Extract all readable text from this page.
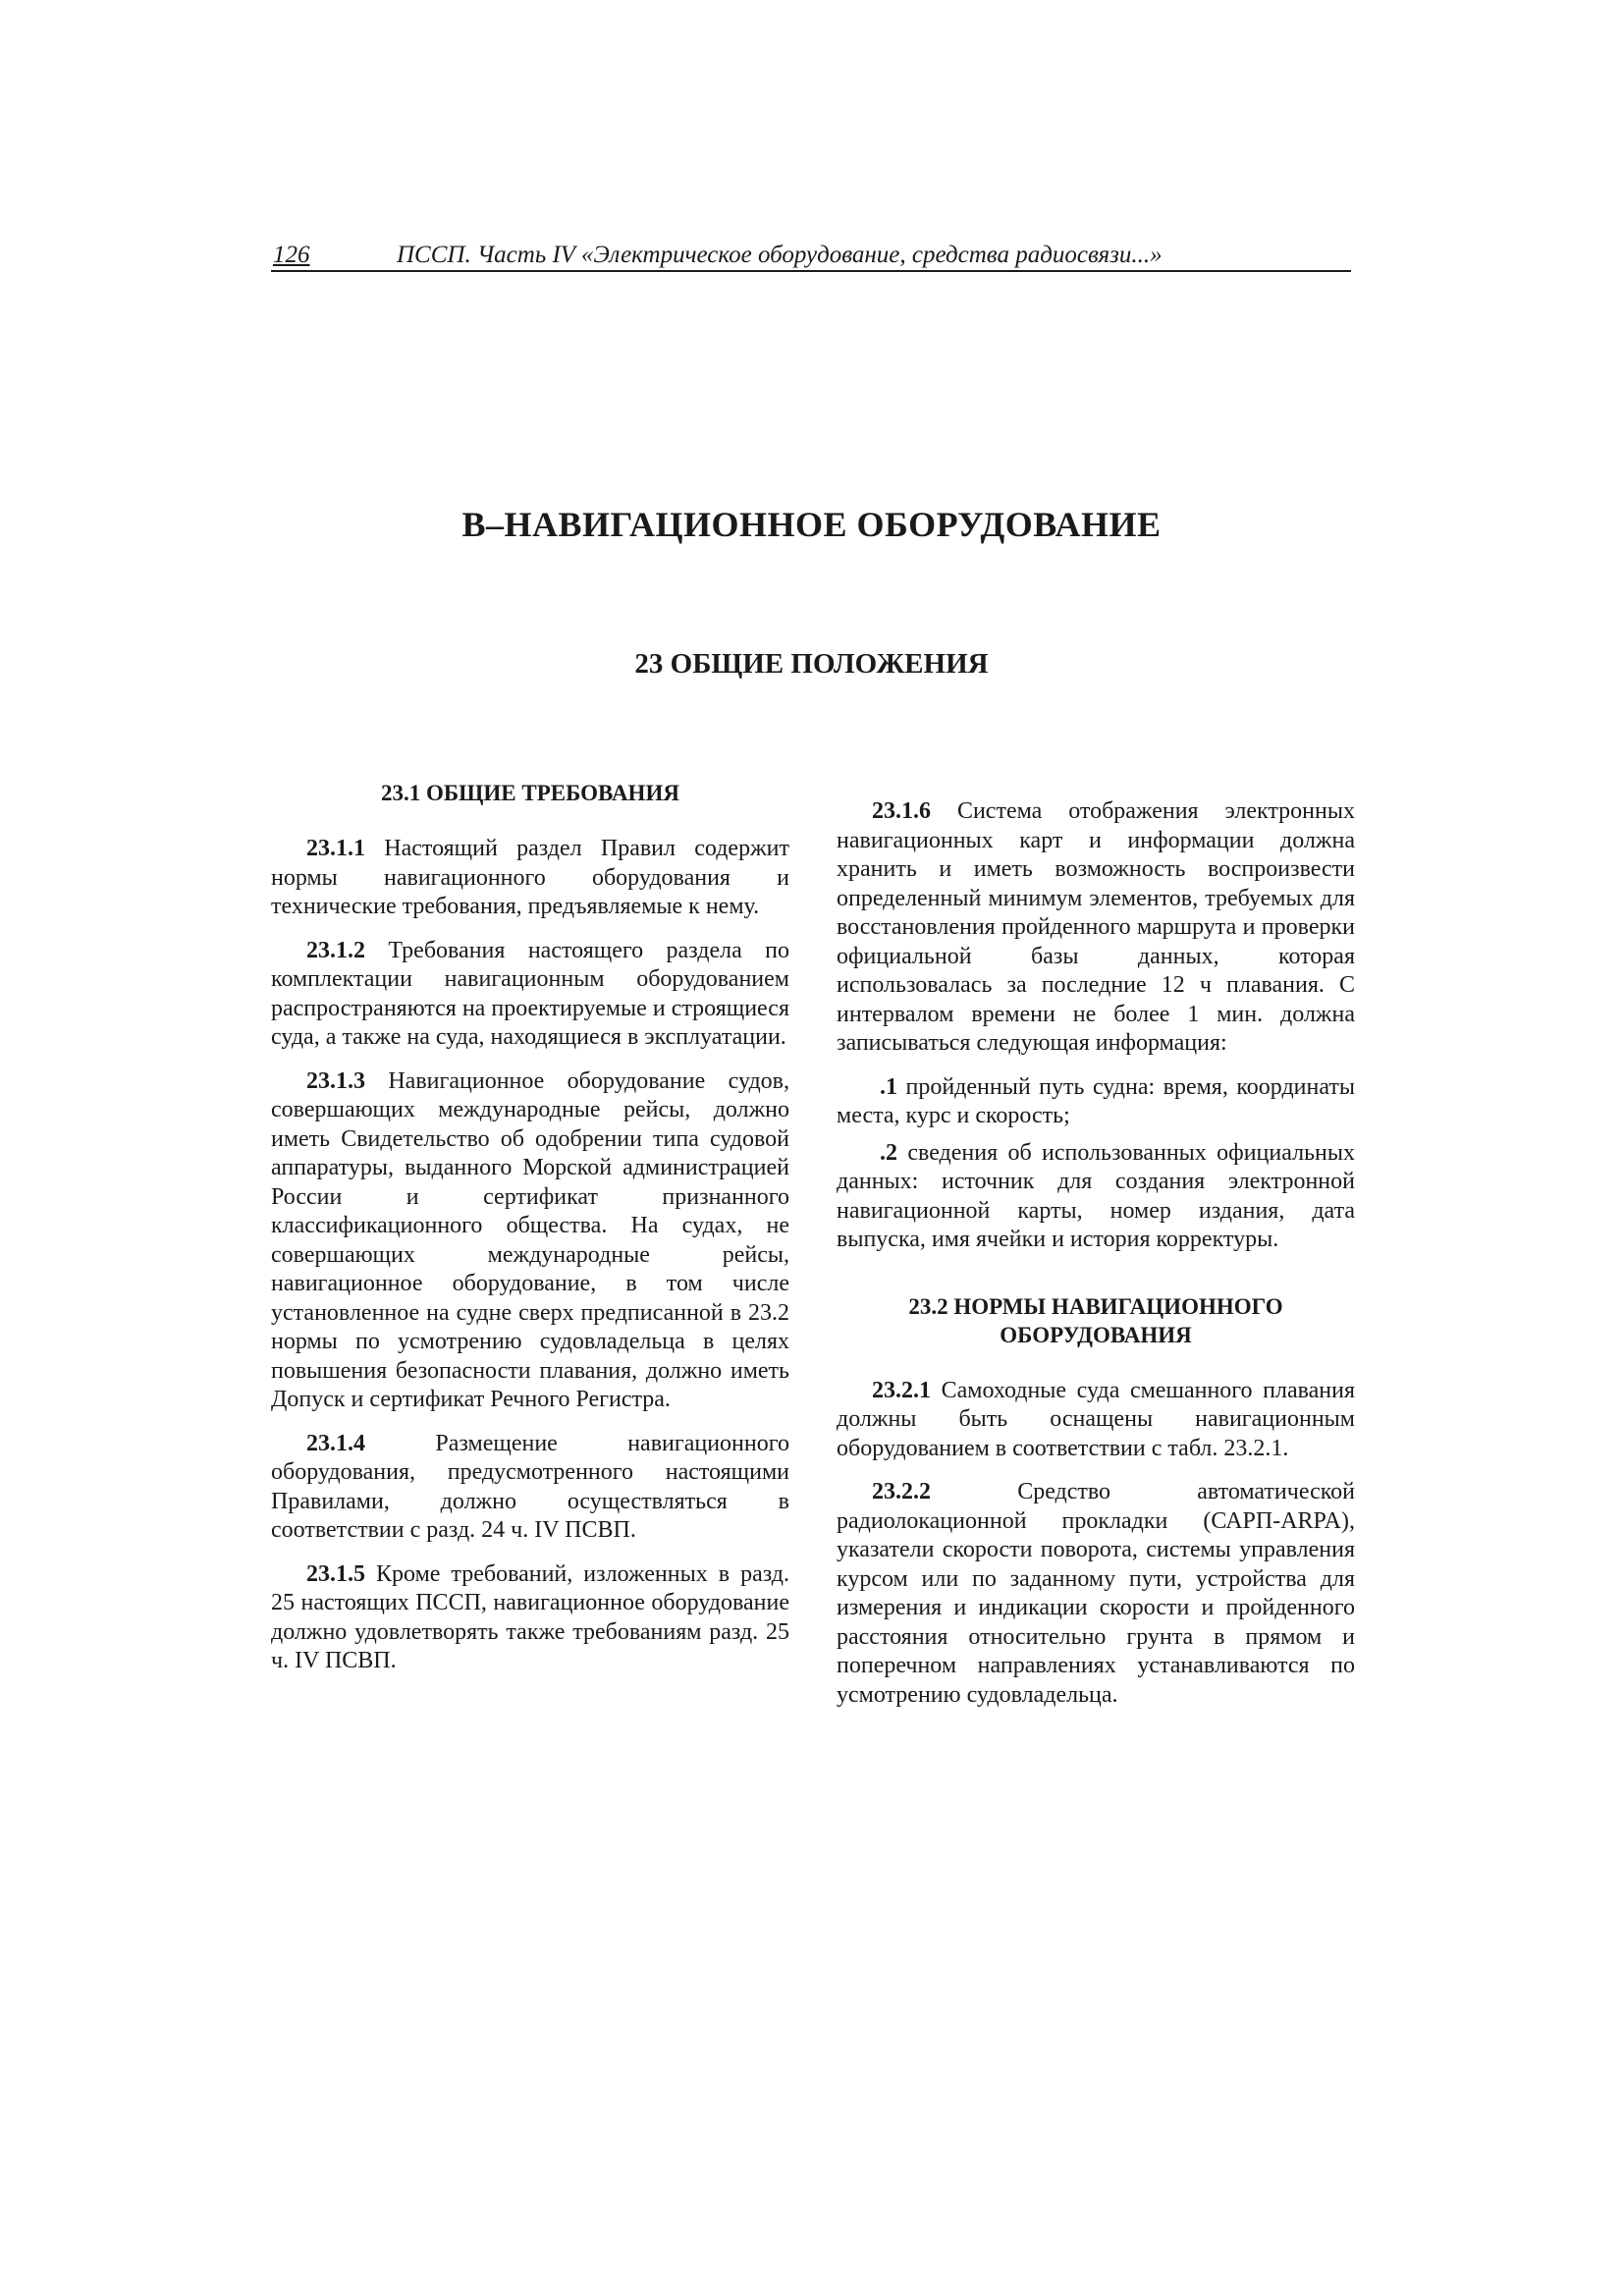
126	ПССП. Часть IV «Электрическое оборудование, средства радиосвязи...»
В–НАВИГАЦИОННОЕ ОБОРУДОВАНИЕ
23 ОБЩИЕ ПОЛОЖЕНИЯ
23.1 ОБЩИЕ ТРЕБОВАНИЯ

23.1.1 Настоящий раздел Правил содержит нормы навигационного оборудования и технические требования, предъявляемые к нему.

23.1.2 Требования настоящего раздела по комплектации навигационным оборудованием распространяются на проектируемые и строящиеся суда, а также на суда, находящиеся в эксплуатации.

23.1.3 Навигационное оборудование судов, совершающих международные рейсы, должно иметь Свидетельство об одобрении типа судовой аппаратуры, выданного Морской администрацией России и сертификат признанного классификационного общества. На судах, не совершающих международные рейсы, навигационное оборудование, в том числе установленное на судне сверх предписанной в 23.2 нормы по усмотрению судовладельца в целях повышения безопасности плавания, должно иметь Допуск и сертификат Речного Регистра.

23.1.4 Размещение навигационного оборудования, предусмотренного настоящими Правилами, должно осуществляться в соответствии с разд. 24 ч. IV ПСВП.

23.1.5 Кроме требований, изложенных в разд. 25 настоящих ПССП, навигационное оборудование должно удовлетворять также требованиям разд. 25 ч. IV ПСВП.

23.1.6 Система отображения электронных навигационных карт и информации должна хранить и иметь возможность воспроизвести определенный минимум элементов, требуемых для восстановления пройденного маршрута и проверки официальной базы данных, которая использовалась за последние 12 ч плавания. С интервалом времени не более 1 мин. должна записываться следующая информация:

.1 пройденный путь судна: время, координаты места, курс и скорость;

.2 сведения об использованных официальных данных: источник для создания электронной навигационной карты, номер издания, дата выпуска, имя ячейки и история корректуры.

23.2 НОРМЫ НАВИГАЦИОННОГО
ОБОРУДОВАНИЯ

23.2.1 Самоходные суда смешанного плавания должны быть оснащены навигационным оборудованием в соответствии с табл. 23.2.1.

23.2.2 Средство автоматической радиолокационной прокладки (САРП-ARPA), указатели скорости поворота, системы управления курсом или по заданному пути, устройства для измерения и индикации скорости и пройденного расстояния относительно грунта в прямом и поперечном направлениях устанавливаются по усмотрению судовладельца.
